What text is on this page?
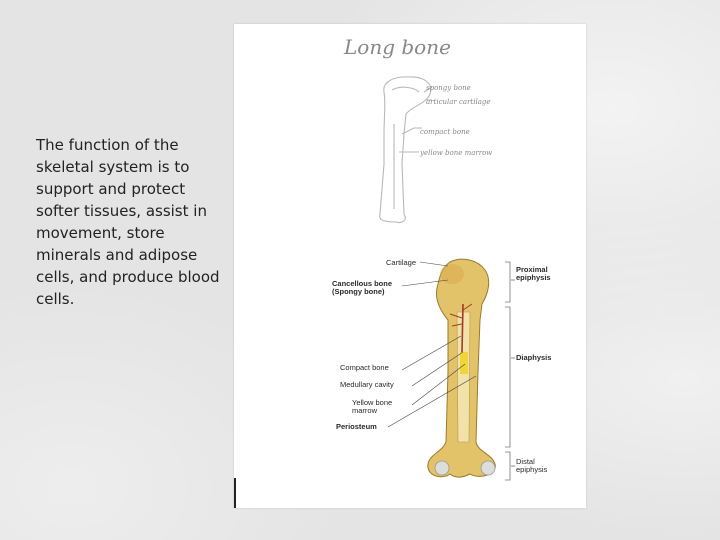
The function of the skeletal system is to support and protect softer tissues, assist in movement, store minerals and adipose cells, and produce blood cells.
Long bone
spongy bone
articular cartilage
compact bone
yellow bone marrow
Cartilage
Cancellous bone
(Spongy bone)
Compact bone
Medullary cavity
Yellow bone
marrow
Periosteum
Proximal
epiphysis
Diaphysis
Distal
epiphysis
